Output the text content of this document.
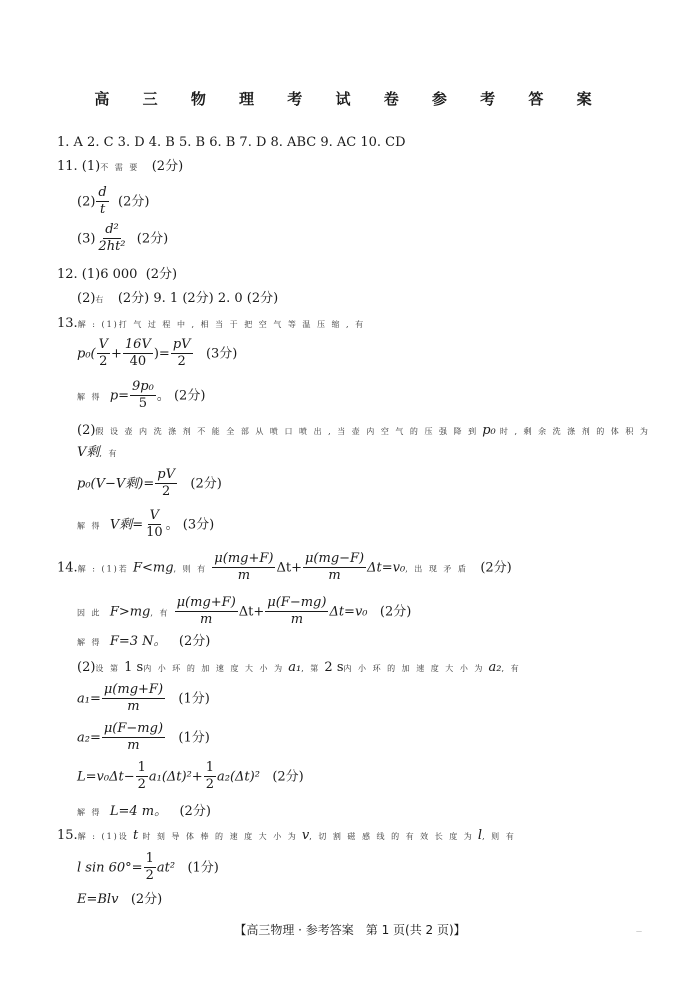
高 三 物 理 考 试 卷 参 考 答 案
1. A 2. C 3. D 4. B 5. B 6. B 7. D 8. ABC 9. AC 10. CD
11. (1)不 需 要 (2分)
$(2) \frac{d}{t} (2$分)
$(3) \frac{\text{d²}}{\text{2ht²}} (2$分)
12. (1)6 000 (2分)
(2)右 (2分) 9. 1 (2分) 2. 0 (2分)
13.解 : (1)打 气 过 程 中 , 相 当 于 把 空 气 等 温 压 缩 , 有
$p_0( \frac{V}{2} + \frac{16V}{40}$ )= $\frac{pV}{2} (3$分)
解 得 $p= \frac{\text{9p₀}}{5}$ 。 (2分)
(2)假 设 壶 内 洗 涤 剂 不 能 全 部 从 喷 口 喷 出 , 当 壶 内 空 气 的 压 强 降 到 p₀ 时 , 剩 余 洗 涤 剂 的 体 积 为
V剩, 有
p₀(V−V剩)= $\frac{pV}{2} (2$分)
解 得 V剩= $\frac{V}{10}$ 。 (3分)
14.解 : (1)若 F<mg, 则 有 $\frac{\mu(mg+F)}{m} \Delta t+ \frac{\mu(mg-F)}{m} \Delta t=v_0$, 出 现 矛 盾 (2分)
因 此 F>mg, 有 $\frac{\mu(mg+F)}{m} \Delta t+ \frac{\mu(F-mg)}{m} \Delta t=v_0$ (2分)
解 得 F=3 N。 (2分)
(2)设 第 1 s内 小 环 的 加 速 度 大 小 为 a₁, 第 2 s内 小 环 的 加 速 度 大 小 为 a₂, 有
$a_1= \frac{\mu(mg+F)}{m} (1$分)
$a_2= \frac{\mu(F-mg)}{m} (1$分)
$L=v_0\Delta t- \frac{1}{2} a_1(\Delta t)^2+ \frac{1}{2} a_2(\Delta t)^2$ (2分)
解 得 L=4 m。 (2分)
15.解 : (1)设 t 时 刻 导 体 棒 的 速 度 大 小 为 v, 切 割 磁 感 线 的 有 效 长 度 为 l, 则 有
l $\sin 60^\circ= \frac{1}{2} at^2$ (1分)
E=Blv (2分)
【高三物理 · 参考答案　第 1 页(共 2 页)】	—
